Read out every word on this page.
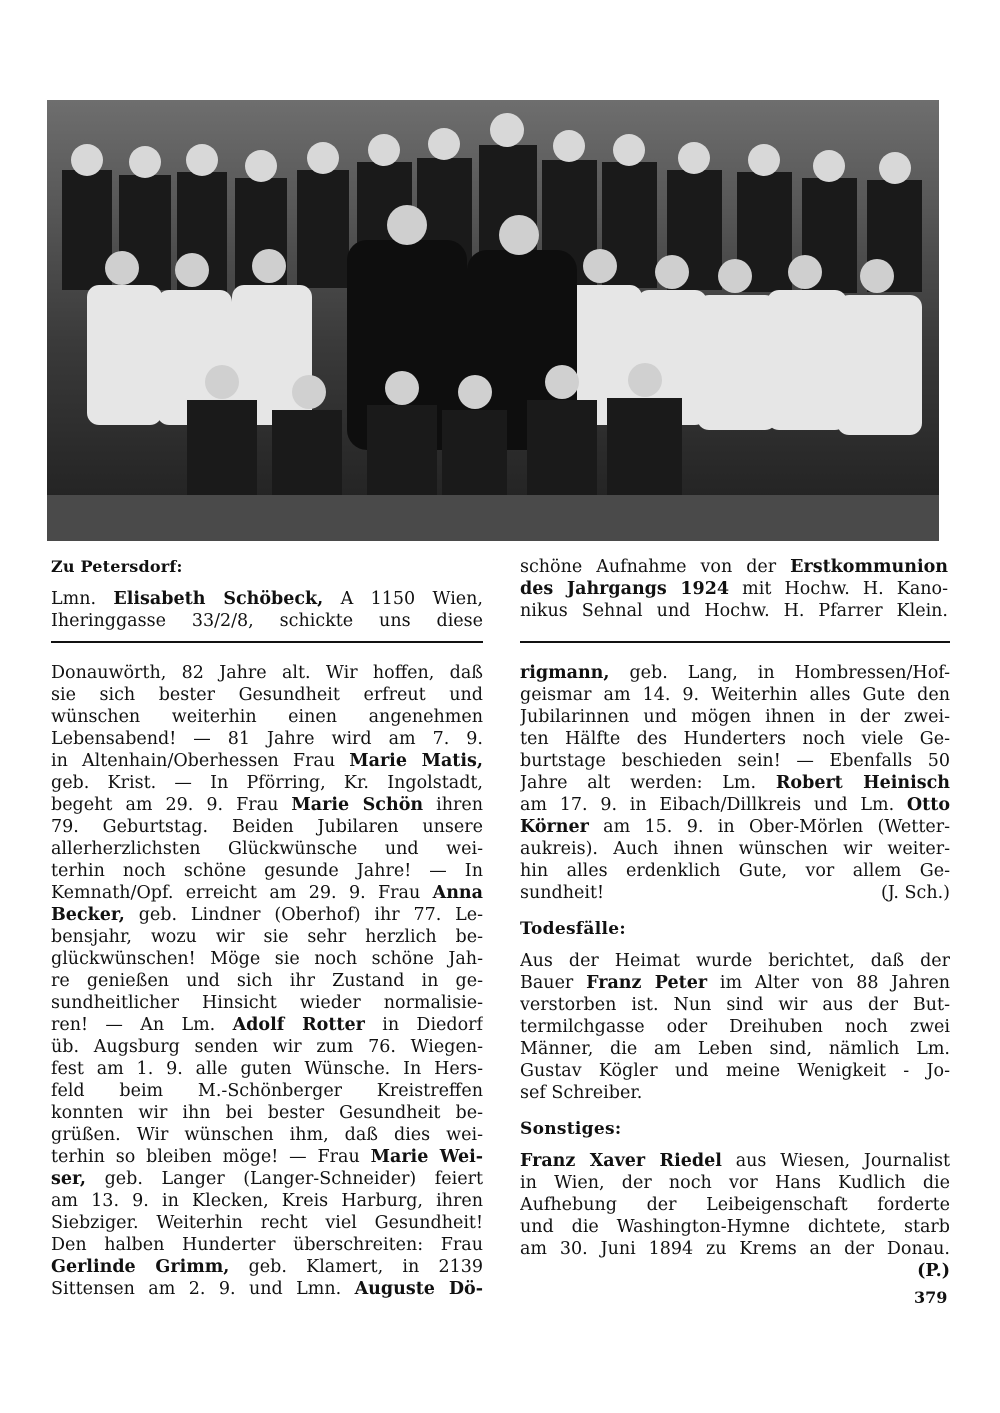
Zu Petersdorf:
Lmn. Elisabeth Schöbeck, A 1150 Wien,
Iheringgasse 33/2/8, schickte uns diese
schöne Aufnahme von der Erstkommunion
des Jahrgangs 1924 mit Hochw. H. Kano-
nikus Sehnal und Hochw. H. Pfarrer Klein.
Donauwörth, 82 Jahre alt. Wir hoffen, daß
sie sich bester Gesundheit erfreut und
wünschen weiterhin einen angenehmen
Lebensabend! — 81 Jahre wird am 7. 9.
in Altenhain/Oberhessen Frau Marie Matis,
geb. Krist. — In Pförring, Kr. Ingolstadt,
begeht am 29. 9. Frau Marie Schön ihren
79. Geburtstag. Beiden Jubilaren unsere
allerherzlichsten Glückwünsche und wei-
terhin noch schöne gesunde Jahre! — In
Kemnath/Opf. erreicht am 29. 9. Frau Anna
Becker, geb. Lindner (Oberhof) ihr 77. Le-
bensjahr, wozu wir sie sehr herzlich be-
glückwünschen! Möge sie noch schöne Jah-
re genießen und sich ihr Zustand in ge-
sundheitlicher Hinsicht wieder normalisie-
ren! — An Lm. Adolf Rotter in Diedorf
üb. Augsburg senden wir zum 76. Wiegen-
fest am 1. 9. alle guten Wünsche. In Hers-
feld beim M.-Schönberger Kreistreffen
konnten wir ihn bei bester Gesundheit be-
grüßen. Wir wünschen ihm, daß dies wei-
terhin so bleiben möge! — Frau Marie Wei-
ser, geb. Langer (Langer-Schneider) feiert
am 13. 9. in Klecken, Kreis Harburg, ihren
Siebziger. Weiterhin recht viel Gesundheit!
Den halben Hunderter überschreiten: Frau
Gerlinde Grimm, geb. Klamert, in 2139
Sittensen am 2. 9. und Lmn. Auguste Dö-
rigmann, geb. Lang, in Hombressen/Hof-
geismar am 14. 9. Weiterhin alles Gute den
Jubilarinnen und mögen ihnen in der zwei-
ten Hälfte des Hunderters noch viele Ge-
burtstage beschieden sein! — Ebenfalls 50
Jahre alt werden: Lm. Robert Heinisch
am 17. 9. in Eibach/Dillkreis und Lm. Otto
Körner am 15. 9. in Ober-Mörlen (Wetter-
aukreis). Auch ihnen wünschen wir weiter-
hin alles erdenklich Gute, vor allem Ge-
sundheit!	(J. Sch.)
Todesfälle:
Aus der Heimat wurde berichtet, daß der
Bauer Franz Peter im Alter von 88 Jahren
verstorben ist. Nun sind wir aus der But-
termilchgasse oder Dreihuben noch zwei
Männer, die am Leben sind, nämlich Lm.
Gustav Kögler und meine Wenigkeit - Jo-
sef Schreiber.
Sonstiges:
Franz Xaver Riedel aus Wiesen, Journalist
in Wien, der noch vor Hans Kudlich die
Aufhebung der Leibeigenschaft forderte
und die Washington-Hymne dichtete, starb
am 30. Juni 1894 zu Krems an der Donau.
(P.)
379
